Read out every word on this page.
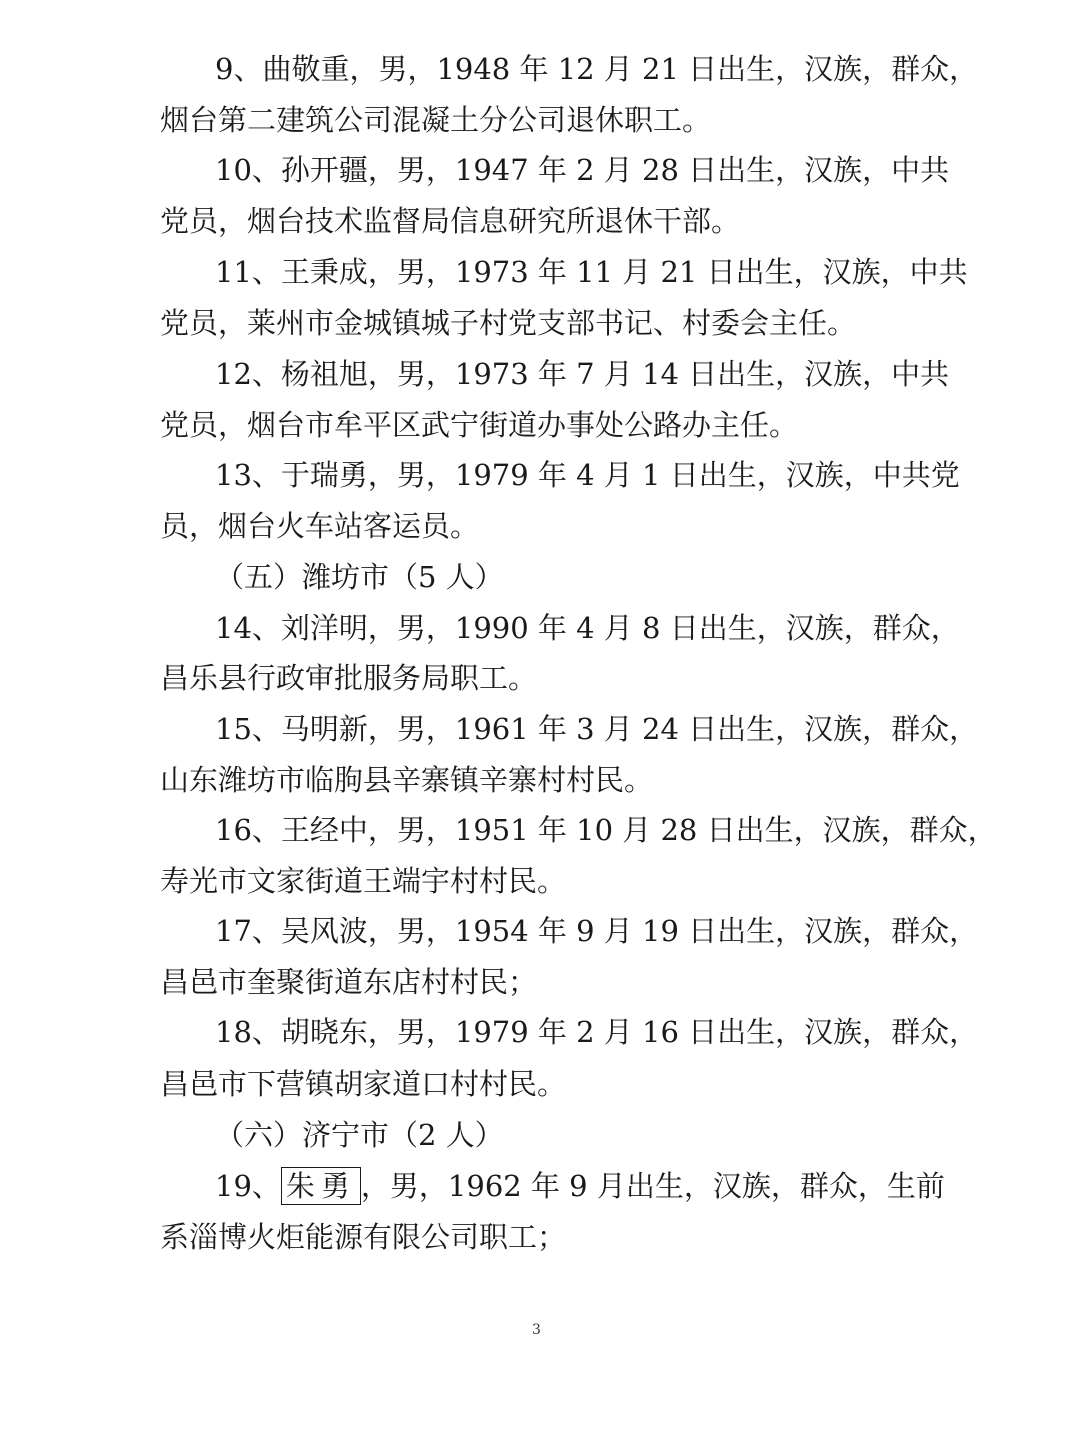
9、曲敬重，男，1948 年 12 月 21 日出生，汉族，群众，
烟台第二建筑公司混凝土分公司退休职工。
10、孙开疆，男，1947 年 2 月 28 日出生，汉族，中共
党员，烟台技术监督局信息研究所退休干部。
11、王秉成，男，1973 年 11 月 21 日出生，汉族，中共
党员，莱州市金城镇城子村党支部书记、村委会主任。
12、杨祖旭，男，1973 年 7 月 14 日出生，汉族，中共
党员，烟台市牟平区武宁街道办事处公路办主任。
13、于瑞勇，男，1979 年 4 月 1 日出生，汉族，中共党
员，烟台火车站客运员。
（五）潍坊市（5 人）
14、刘洋明，男，1990 年 4 月 8 日出生，汉族，群众，
昌乐县行政审批服务局职工。
15、马明新，男，1961 年 3 月 24 日出生，汉族，群众，
山东潍坊市临朐县辛寨镇辛寨村村民。
16、王经中，男，1951 年 10 月 28 日出生，汉族，群众，
寿光市文家街道王端宇村村民。
17、吴风波，男，1954 年 9 月 19 日出生，汉族，群众，
昌邑市奎聚街道东店村村民；
18、胡晓东，男，1979 年 2 月 16 日出生，汉族，群众，
昌邑市下营镇胡家道口村村民。
（六）济宁市（2 人）
19、 朱勇 ，男，1962 年 9 月出生，汉族，群众，生前
系淄博火炬能源有限公司职工；
3
